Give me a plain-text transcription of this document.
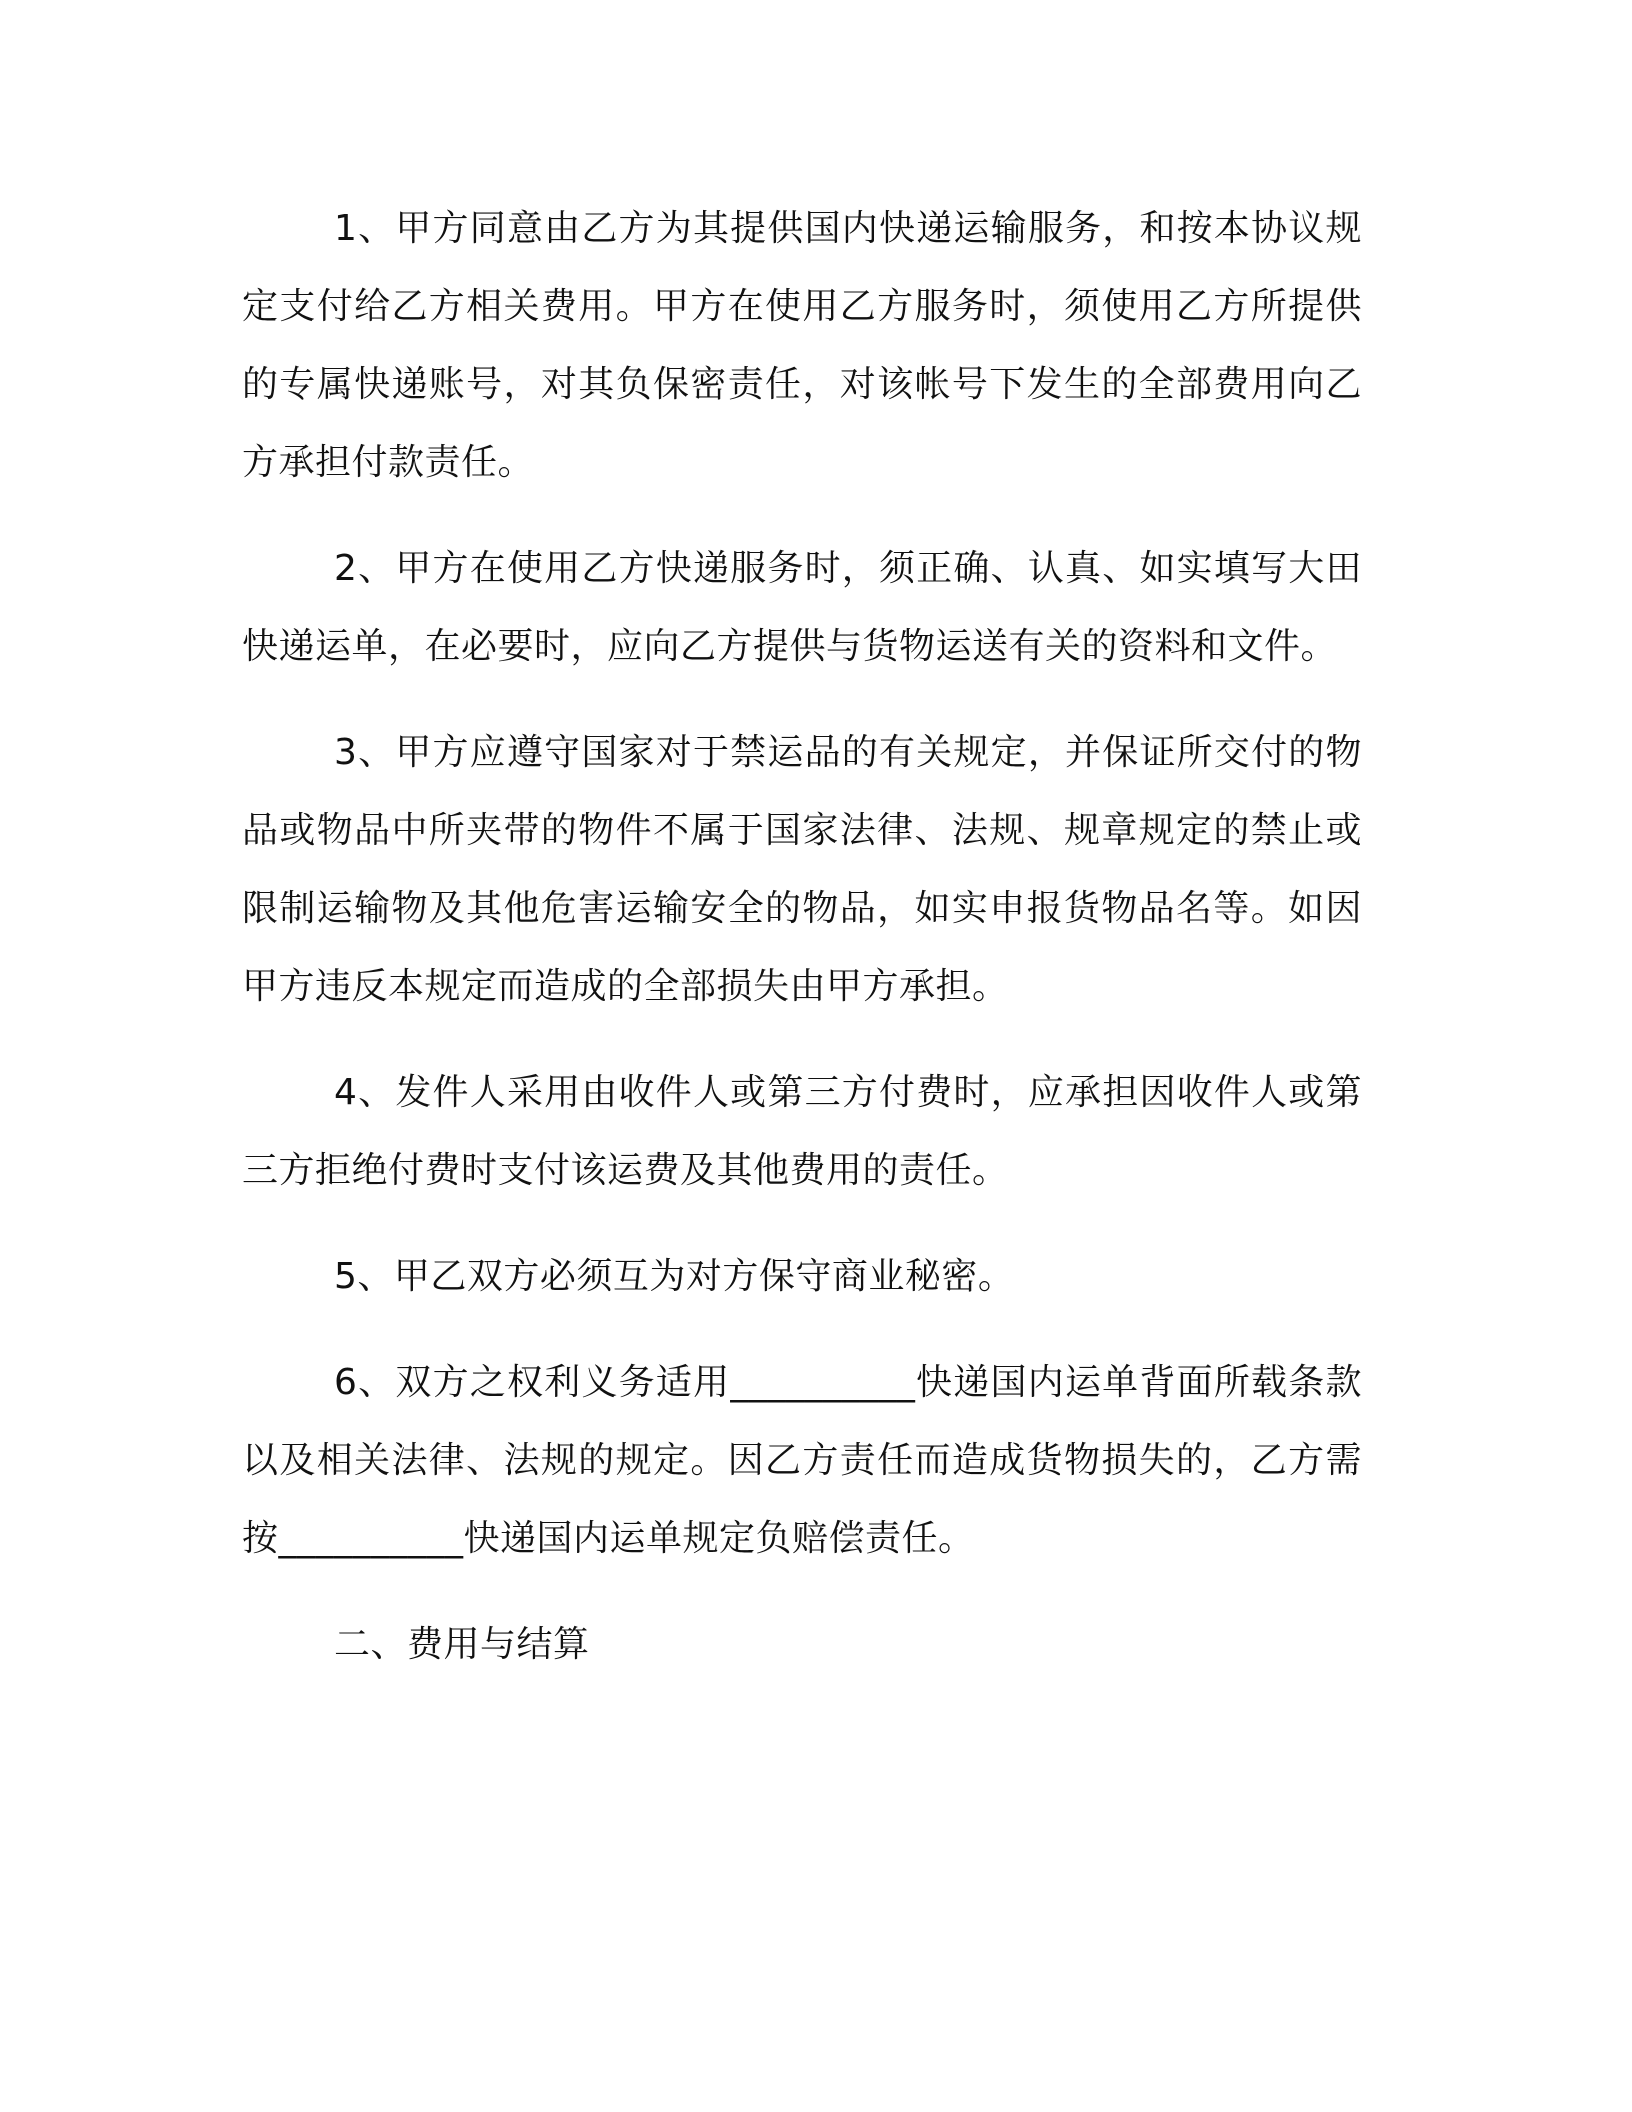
1、甲方同意由乙方为其提供国内快递运输服务，和按本协议规定支付给乙方相关费用。甲方在使用乙方服务时，须使用乙方所提供的专属快递账号，对其负保密责任，对该帐号下发生的全部费用向乙方承担付款责任。

2、甲方在使用乙方快递服务时，须正确、认真、如实填写大田快递运单，在必要时，应向乙方提供与货物运送有关的资料和文件。

3、甲方应遵守国家对于禁运品的有关规定，并保证所交付的物品或物品中所夹带的物件不属于国家法律、法规、规章规定的禁止或限制运输物及其他危害运输安全的物品，如实申报货物品名等。如因甲方违反本规定而造成的全部损失由甲方承担。

4、发件人采用由收件人或第三方付费时，应承担因收件人或第三方拒绝付费时支付该运费及其他费用的责任。

5、甲乙双方必须互为对方保守商业秘密。

6、双方之权利义务适用__________快递国内运单背面所载条款以及相关法律、法规的规定。因乙方责任而造成货物损失的，乙方需按__________快递国内运单规定负赔偿责任。

二、费用与结算
